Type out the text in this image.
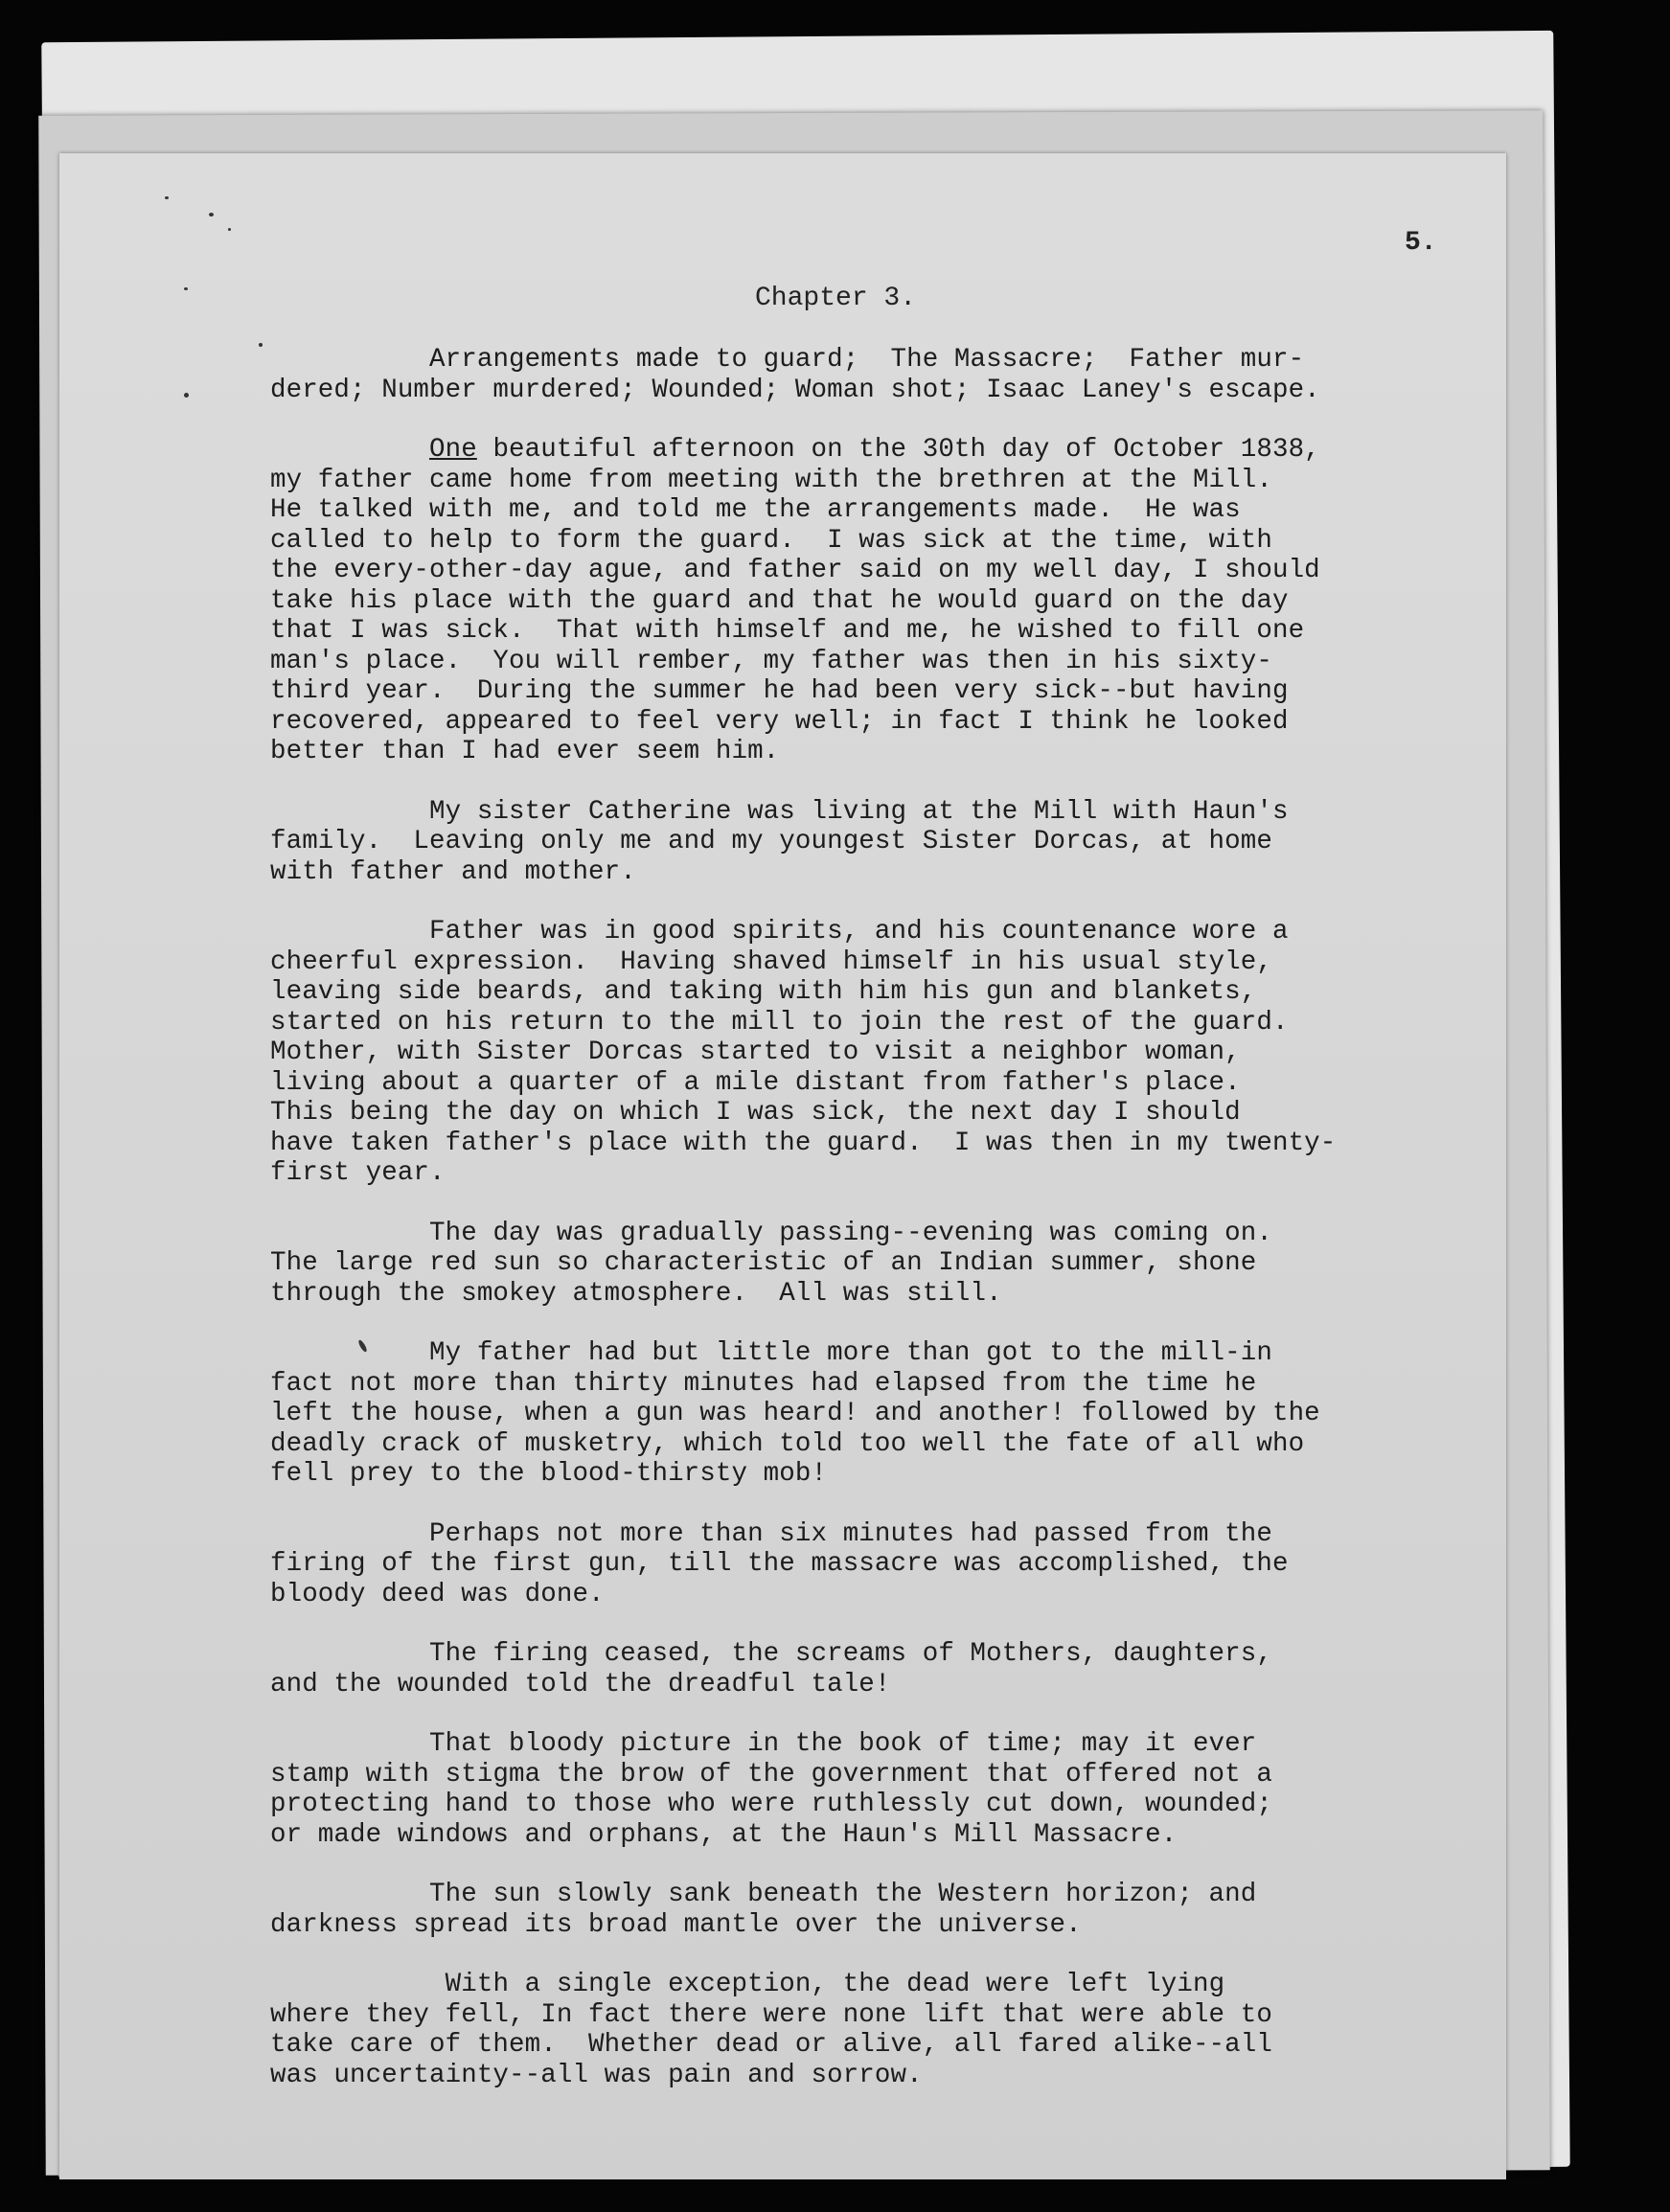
5.
Chapter 3.
Arrangements made to guard;  The Massacre;  Father mur-
dered; Number murdered; Wounded; Woman shot; Isaac Laney's escape.
One beautiful afternoon on the 30th day of October 1838,
my father came home from meeting with the brethren at the Mill.
He talked with me, and told me the arrangements made.  He was
called to help to form the guard.  I was sick at the time, with
the every-other-day ague, and father said on my well day, I should
take his place with the guard and that he would guard on the day
that I was sick.  That with himself and me, he wished to fill one
man's place.  You will rember, my father was then in his sixty-
third year.  During the summer he had been very sick--but having
recovered, appeared to feel very well; in fact I think he looked
better than I had ever seem him.
My sister Catherine was living at the Mill with Haun's
family.  Leaving only me and my youngest Sister Dorcas, at home
with father and mother.
Father was in good spirits, and his countenance wore a
cheerful expression.  Having shaved himself in his usual style,
leaving side beards, and taking with him his gun and blankets,
started on his return to the mill to join the rest of the guard.
Mother, with Sister Dorcas started to visit a neighbor woman,
living about a quarter of a mile distant from father's place.
This being the day on which I was sick, the next day I should
have taken father's place with the guard.  I was then in my twenty-
first year.
The day was gradually passing--evening was coming on.
The large red sun so characteristic of an Indian summer, shone
through the smokey atmosphere.  All was still.
My father had but little more than got to the mill-in
fact not more than thirty minutes had elapsed from the time he
left the house, when a gun was heard! and another! followed by the
deadly crack of musketry, which told too well the fate of all who
fell prey to the blood-thirsty mob!
Perhaps not more than six minutes had passed from the
firing of the first gun, till the massacre was accomplished, the
bloody deed was done.
The firing ceased, the screams of Mothers, daughters,
and the wounded told the dreadful tale!
That bloody picture in the book of time; may it ever
stamp with stigma the brow of the government that offered not a
protecting hand to those who were ruthlessly cut down, wounded;
or made windows and orphans, at the Haun's Mill Massacre.
The sun slowly sank beneath the Western horizon; and
darkness spread its broad mantle over the universe.
With a single exception, the dead were left lying
where they fell, In fact there were none lift that were able to
take care of them.  Whether dead or alive, all fared alike--all
was uncertainty--all was pain and sorrow.
